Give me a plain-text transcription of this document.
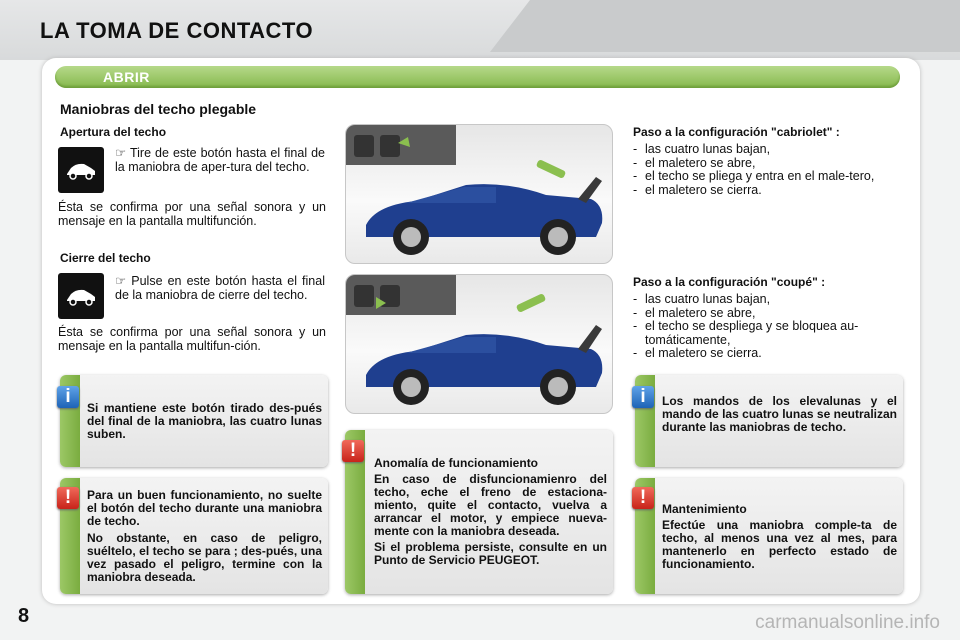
LA TOMA DE CONTACTO
ABRIR
Maniobras del techo plegable
Apertura del techo
☞ Tire de este botón hasta el final de la maniobra de aper-tura del techo.
Ésta se confirma por una señal sonora y un mensaje en la pantalla multifunción.
Cierre del techo
☞ Pulse en este botón hasta el final de la maniobra de cierre del techo.
Ésta se confirma por una señal sonora y un mensaje en la pantalla multifun-ción.
Paso a la configuración "cabriolet" :
- las cuatro lunas bajan,
- el maletero se abre,
- el techo se pliega y entra en el male-tero,
- el maletero se cierra.
Paso a la configuración "coupé" :
- las cuatro lunas bajan,
- el maletero se abre,
- el techo se despliega y se bloquea au-tomáticamente,
- el maletero se cierra.
i
Si mantiene este botón tirado des-pués del final de la maniobra, las cuatro lunas suben.
!	Para un buen funcionamiento, no suelte el botón del techo durante una maniobra de techo.
No obstante, en caso de peligro, suéltelo, el techo se para ; des-pués, una vez pasado el peligro, termine con la maniobra deseada.
!
Anomalía de funcionamiento
En caso de disfuncionamienro del techo, eche el freno de estaciona-miento, quite el contacto, vuelva a arrancar el motor, y empiece nueva-mente con la maniobra deseada.
Si el problema persiste, consulte en un Punto de Servicio PEUGEOT.
i	Los mandos de los elevalunas y el mando de las cuatro lunas se neutralizan durante las maniobras de techo.
!
Mantenimiento
Efectúe una maniobra comple-ta de techo, al menos una vez al mes, para mantenerlo en perfecto estado de funcionamiento.
8	carmanualsonline.info
